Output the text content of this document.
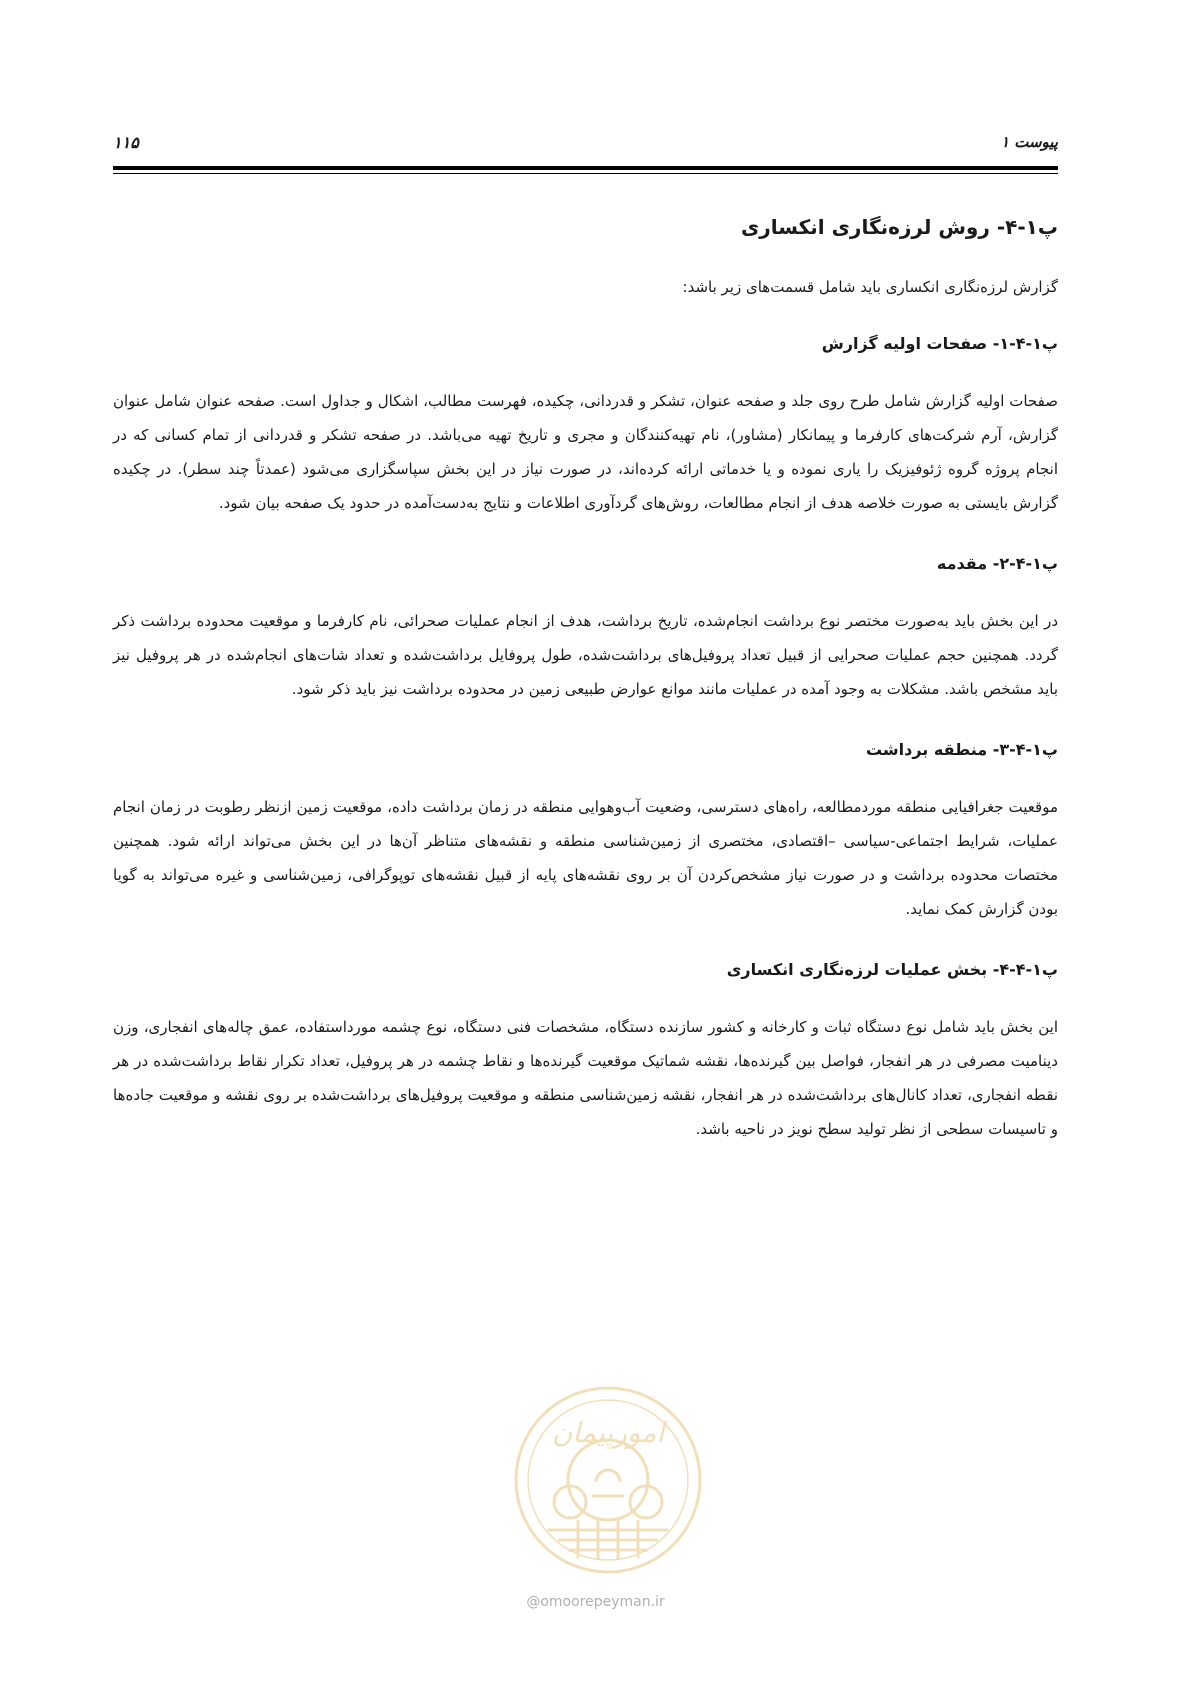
۱۱۵	پیوست ۱
پ۱-۴- روش لرزه‌نگاری انکساری
گزارش لرزه‌نگاری انکساری باید شامل قسمت‌های زیر باشد:
پ۱-۴-۱- صفحات اولیه گزارش
صفحات اولیه گزارش شامل طرح روی جلد و صفحه عنوان، تشکر و قدردانی، چکیده، فهرست مطالب، اشکال و جداول است. صفحه عنوان شامل عنوان گزارش، آرم شرکت‌های کارفرما و پیمانکار (مشاور)، نام تهیه‌کنندگان و مجری و تاریخ تهیه می‌باشد. در صفحه تشکر و قدردانی از تمام کسانی که در انجام پروژه گروه ژئوفیزیک را یاری نموده و یا خدماتی ارائه کرده‌اند، در صورت نیاز در این بخش سپاسگزاری می‌شود (عمدتاً چند سطر). در چکیده گزارش بایستی به صورت خلاصه هدف از انجام مطالعات، روش‌های گردآوری اطلاعات و نتایج به‌دست‌آمده در حدود یک صفحه بیان شود.
پ۱-۴-۲- مقدمه
در این بخش باید به‌صورت مختصر نوع برداشت انجام‌شده، تاریخ برداشت، هدف از انجام عملیات صحرائی، نام کارفرما و موقعیت محدوده برداشت ذکر گردد. همچنین حجم عملیات صحرایی از قبیل تعداد پروفیل‌های برداشت‌شده، طول پروفایل برداشت‌شده و تعداد شات‌های انجام‌شده در هر پروفیل نیز باید مشخص باشد. مشکلات به وجود آمده در عملیات مانند موانع عوارض طبیعی زمین در محدوده برداشت نیز باید ذکر شود.
پ۱-۴-۳- منطقه برداشت
موقعیت جغرافیایی منطقه موردمطالعه، راه‌های دسترسی، وضعیت آب‌وهوایی منطقه در زمان برداشت داده، موقعیت زمین ازنظر رطوبت در زمان انجام عملیات، شرایط اجتماعی-سیاسی –اقتصادی، مختصری از زمین‌شناسی منطقه و نقشه‌های متناظر آن‌ها در این بخش می‌تواند ارائه شود. همچنین مختصات محدوده برداشت و در صورت نیاز مشخص‌کردن آن بر روی نقشه‌های پایه از قبیل نقشه‌های توپوگرافی، زمین‌شناسی و غیره می‌تواند به گویا بودن گزارش کمک نماید.
پ۱-۴-۴- بخش عملیات لرزه‌نگاری انکساری
این بخش باید شامل نوع دستگاه ثبات و کارخانه و کشور سازنده دستگاه، مشخصات فنی دستگاه، نوع چشمه مورداستفاده، عمق چاله‌های انفجاری، وزن دینامیت مصرفی در هر انفجار، فواصل بین گیرنده‌ها، نقشه شماتیک موقعیت گیرنده‌ها و نقاط چشمه در هر پروفیل، تعداد تکرار نقاط برداشت‌شده در هر نقطه انفجاری، تعداد کانال‌های برداشت‌شده در هر انفجار، نقشه زمین‌شناسی منطقه و موقعیت پروفیل‌های برداشت‌شده بر روی نقشه و موقعیت جاده‌ها و تاسیسات سطحی از نظر تولید سطح نویز در ناحیه باشد.
امورپیمان
@omoorepeyman.ir
